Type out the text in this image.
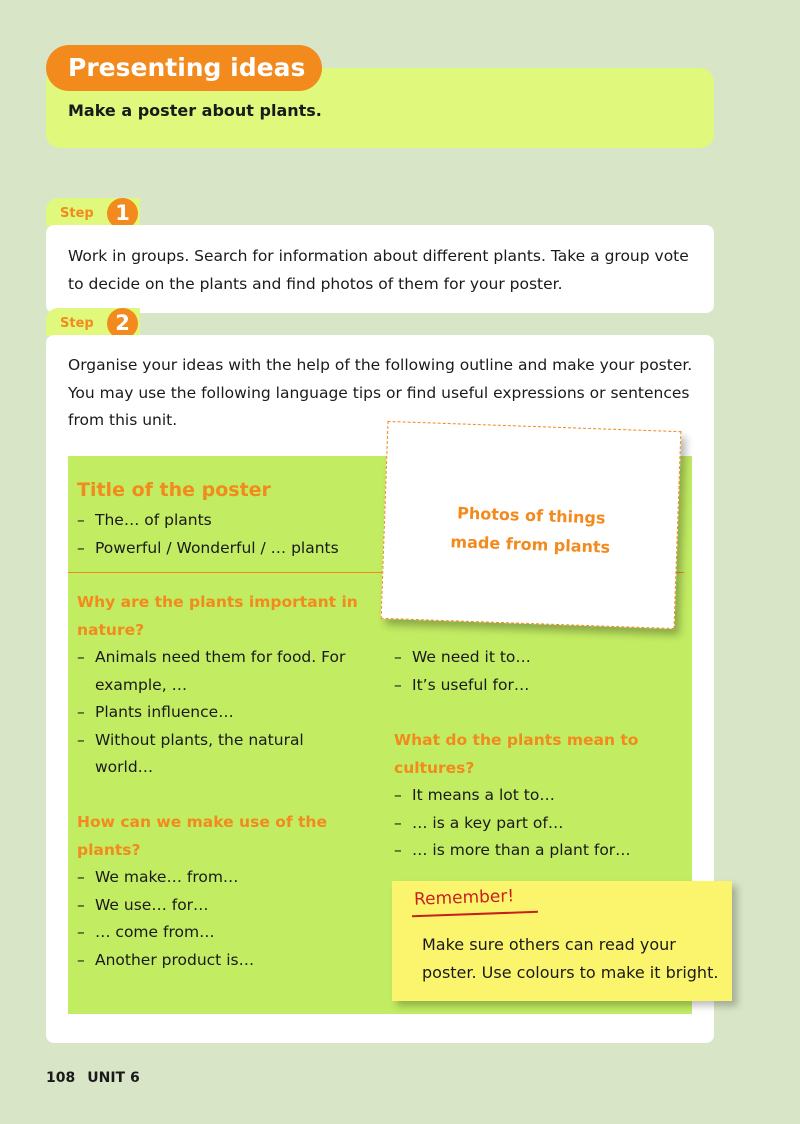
Presenting ideas
Make a poster about plants.
Step	1
Work in groups. Search for information about different plants. Take a group vote to decide on the plants and find photos of them for your poster.
Step	2
Organise your ideas with the help of the following outline and make your poster. You may use the following language tips or find useful expressions or sentences from this unit.
Title of the poster
– The… of plants
– Powerful / Wonderful / … plants
Why are the plants important in nature?
– Animals need them for food. For example, …
– Plants influence…
– Without plants, the natural world…
How can we make use of the plants?
– We make… from…
– We use… for…
– … come from…
– Another product is…
– We need it to…
– It’s useful for…
What do the plants mean to cultures?
– It means a lot to…
– … is a key part of…
– … is more than a plant for…
Photos of things
made from plants
Remember!
Make sure others can read your poster. Use colours to make it bright.
108 UNIT 6
